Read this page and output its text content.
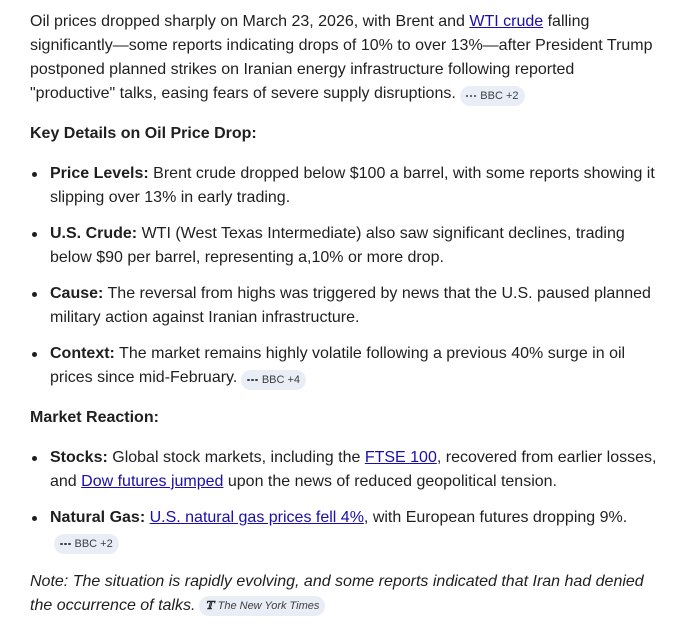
Oil prices dropped sharply on March 23, 2026, with Brent and WTI crude falling significantly—some reports indicating drops of 10% to over 13%—after President Trump postponed planned strikes on Iranian energy infrastructure following reported "productive" talks, easing fears of severe supply disruptions. BBC +2

Key Details on Oil Price Drop:

Price Levels: Brent crude dropped below $100 a barrel, with some reports showing it slipping over 13% in early trading.
U.S. Crude: WTI (West Texas Intermediate) also saw significant declines, trading below $90 per barrel, representing a,10% or more drop.
Cause: The reversal from highs was triggered by news that the U.S. paused planned military action against Iranian infrastructure.
Context: The market remains highly volatile following a previous 40% surge in oil prices since mid-February. BBC +4

Market Reaction:

Stocks: Global stock markets, including the FTSE 100, recovered from earlier losses, and Dow futures jumped upon the news of reduced geopolitical tension.
Natural Gas: U.S. natural gas prices fell 4%, with European futures dropping 9%.
BBC +2

Note: The situation is rapidly evolving, and some reports indicated that Iran had denied the occurrence of talks. 𝕋 The New York Times
